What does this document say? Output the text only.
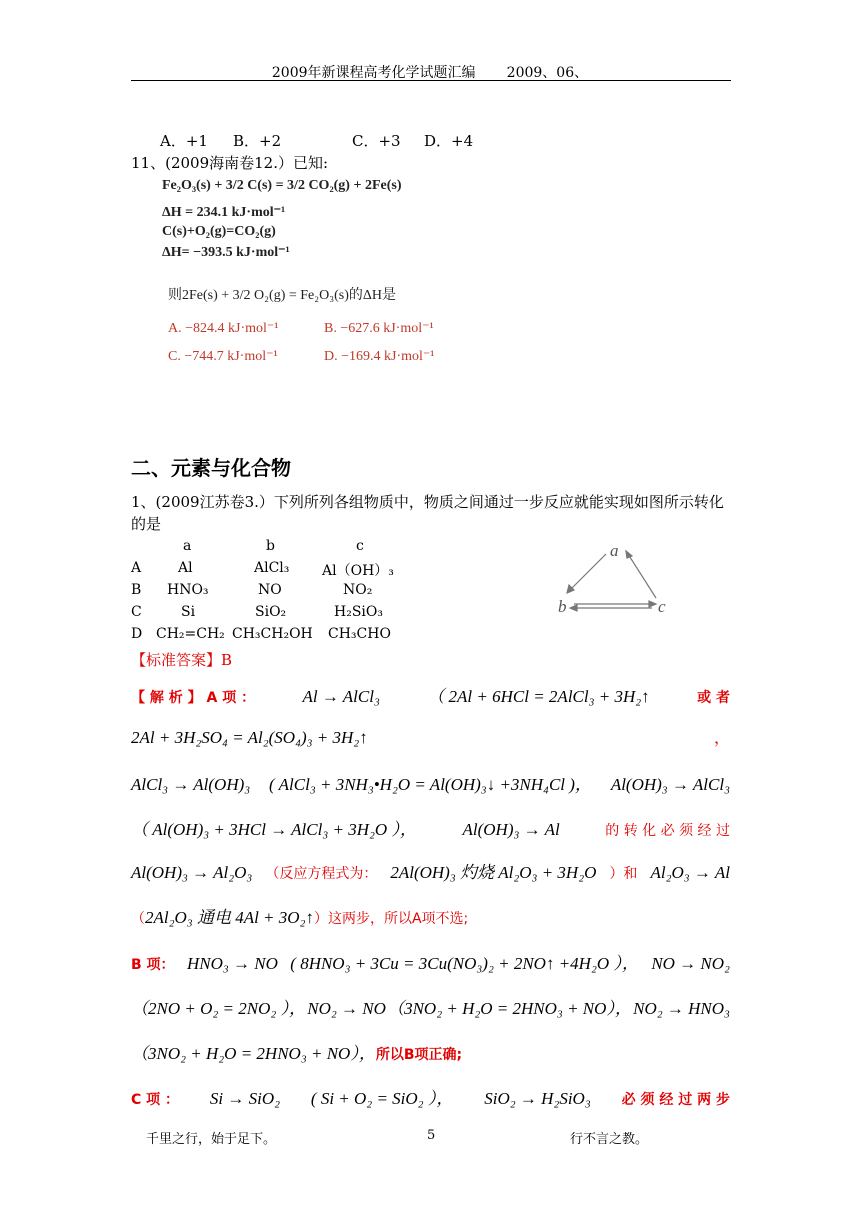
2009年新课程高考化学试题汇编 2009、06、
A．+1 B．+2	C．+3 D．+4
11、(2009海南卷12.）已知:
Fe₂O₃(s) + 3/2 C(s) = 3/2 CO₂(g) + 2Fe(s)
ΔH = 234.1 kJ·mol⁻¹
C(s)+O₂(g)=CO₂(g)
ΔH= −393.5 kJ·mol⁻¹
则2Fe(s) + 3/2 O₂(g) = Fe₂O₃(s)的ΔH是
A. −824.4 kJ·mol⁻¹	B. −627.6 kJ·mol⁻¹
C. −744.7 kJ·mol⁻¹	D. −169.4 kJ·mol⁻¹
二、元素与化合物
1、(2009江苏卷3.）下列所列各组物质中，物质之间通过一步反应就能实现如图所示转化
的是
a	b	c
A	Al	AlCl₃ Al（OH）₃
B HNO₃	NO	NO₂
C	Si	SiO₂	H₂SiO₃
D CH₂=CH₂ CH₃CH₂OH CH₃CHO
a
b	c
【标准答案】B
【 解 析 】 A 项 ：	Al → AlCl₃	（ 2Al + 6HCl = 2AlCl₃ + 3H₂↑	或 者
2Al + 3H₂SO₄ = Al₂(SO₄)₃ + 3H₂↑	，
AlCl₃ → Al(OH)₃ ( AlCl₃ + 3NH₃•H₂O = Al(OH)₃↓ +3NH₄Cl )， Al(OH)₃ → AlCl₃
（ Al(OH)₃ + 3HCl → AlCl₃ + 3H₂O ），	Al(OH)₃ → Al	的 转 化 必 须 经 过
Al(OH)₃ → Al₂O₃ （反应方程式为： 2Al(OH)₃ 灼烧 Al₂O₃ + 3H₂O ）和 Al₂O₃ → Al
（ 2Al₂O₃ 通电 4Al + 3O₂↑ ）这两步，所以A项不选;
B 项： HNO₃ → NO ( 8HNO₃ + 3Cu = 3Cu(NO₃)₂ + 2NO↑ +4H₂O ）， NO → NO₂
（2NO + O₂ = 2NO₂ ）， NO₂ → NO （3NO₂ + H₂O = 2HNO₃ + NO）， NO₂ → HNO₃
（3NO₂ + H₂O = 2HNO₃ + NO）， 所以B项正确;
C 项 ： Si → SiO₂ ( Si + O₂ = SiO₂ ）， SiO₂ → H₂SiO₃ 必 须 经 过 两 步
千里之行，始于足下。	5	行不言之教。
